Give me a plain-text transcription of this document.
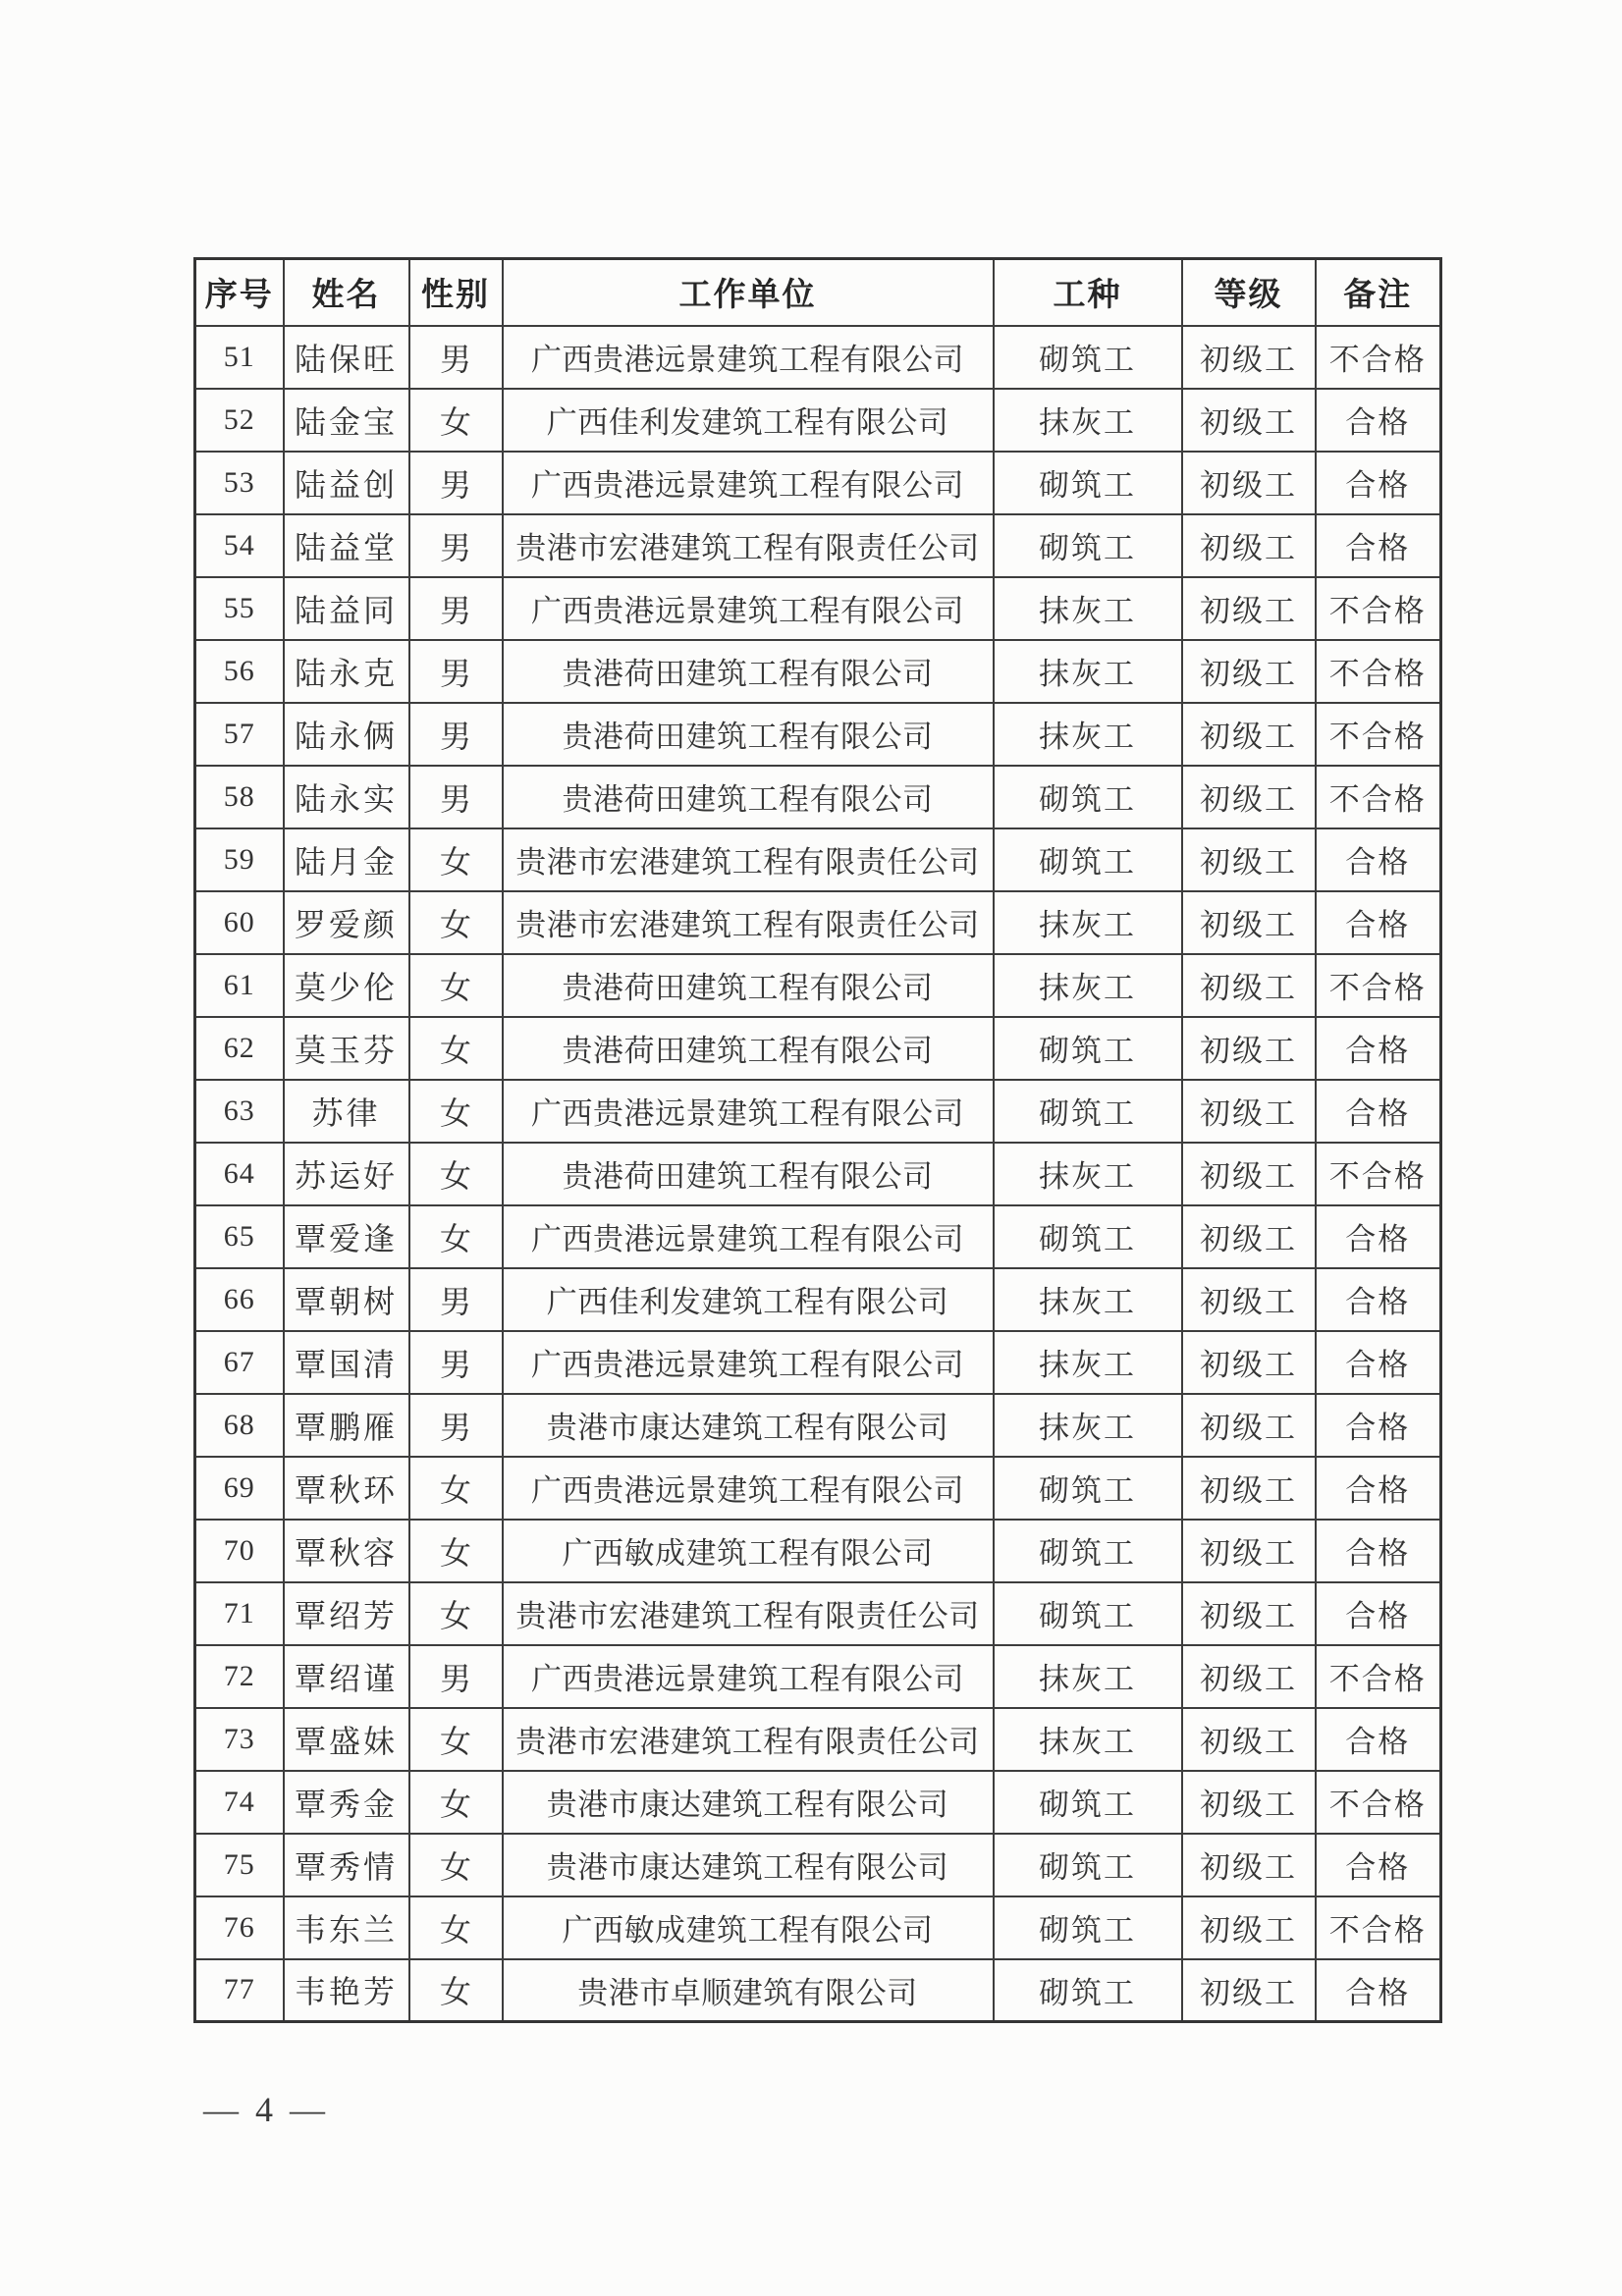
序号	姓名	性别	工作单位	工种	等级	备注
51	陆保旺	男	广西贵港远景建筑工程有限公司	砌筑工	初级工	不合格
52	陆金宝	女	广西佳利发建筑工程有限公司	抹灰工	初级工	合格
53	陆益创	男	广西贵港远景建筑工程有限公司	砌筑工	初级工	合格
54	陆益堂	男	贵港市宏港建筑工程有限责任公司	砌筑工	初级工	合格
55	陆益同	男	广西贵港远景建筑工程有限公司	抹灰工	初级工	不合格
56	陆永克	男	贵港荷田建筑工程有限公司	抹灰工	初级工	不合格
57	陆永俩	男	贵港荷田建筑工程有限公司	抹灰工	初级工	不合格
58	陆永实	男	贵港荷田建筑工程有限公司	砌筑工	初级工	不合格
59	陆月金	女	贵港市宏港建筑工程有限责任公司	砌筑工	初级工	合格
60	罗爱颜	女	贵港市宏港建筑工程有限责任公司	抹灰工	初级工	合格
61	莫少伦	女	贵港荷田建筑工程有限公司	抹灰工	初级工	不合格
62	莫玉芬	女	贵港荷田建筑工程有限公司	砌筑工	初级工	合格
63	苏律	女	广西贵港远景建筑工程有限公司	砌筑工	初级工	合格
64	苏运好	女	贵港荷田建筑工程有限公司	抹灰工	初级工	不合格
65	覃爱逢	女	广西贵港远景建筑工程有限公司	砌筑工	初级工	合格
66	覃朝树	男	广西佳利发建筑工程有限公司	抹灰工	初级工	合格
67	覃国清	男	广西贵港远景建筑工程有限公司	抹灰工	初级工	合格
68	覃鹏雁	男	贵港市康达建筑工程有限公司	抹灰工	初级工	合格
69	覃秋环	女	广西贵港远景建筑工程有限公司	砌筑工	初级工	合格
70	覃秋容	女	广西敏成建筑工程有限公司	砌筑工	初级工	合格
71	覃绍芳	女	贵港市宏港建筑工程有限责任公司	砌筑工	初级工	合格
72	覃绍谨	男	广西贵港远景建筑工程有限公司	抹灰工	初级工	不合格
73	覃盛妹	女	贵港市宏港建筑工程有限责任公司	抹灰工	初级工	合格
74	覃秀金	女	贵港市康达建筑工程有限公司	砌筑工	初级工	不合格
75	覃秀情	女	贵港市康达建筑工程有限公司	砌筑工	初级工	合格
76	韦东兰	女	广西敏成建筑工程有限公司	砌筑工	初级工	不合格
77	韦艳芳	女	贵港市卓顺建筑有限公司	砌筑工	初级工	合格
— 4 —
